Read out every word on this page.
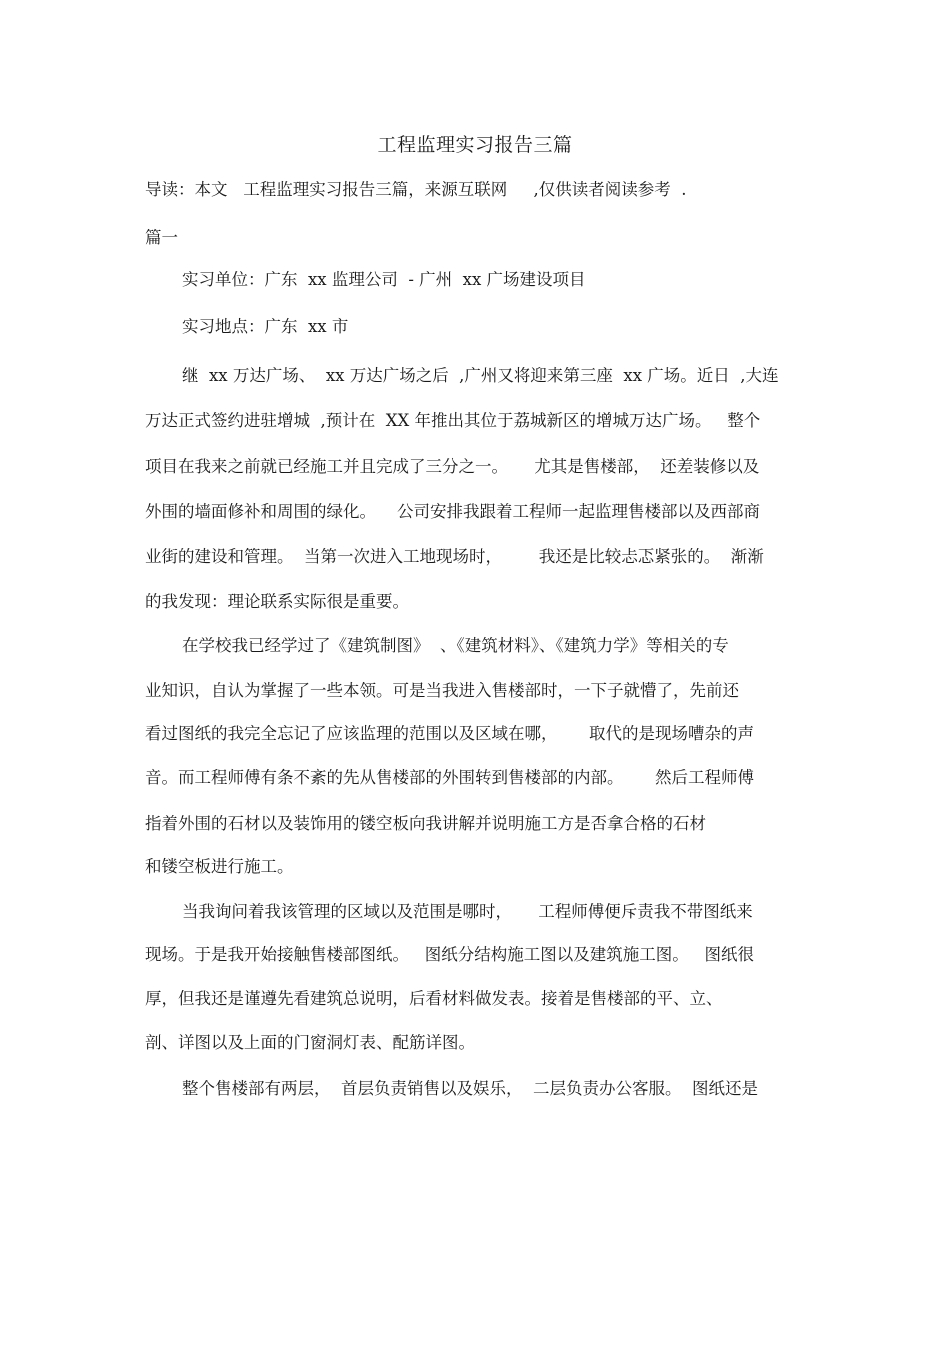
工程监理实习报告三篇
导读：本文   工程监理实习报告三篇，来源互联网     ,仅供读者阅读参考  .
篇一
实习单位：广东  xx 监理公司  - 广州  xx 广场建设项目
实习地点：广东  xx 市
继  xx 万达广场、  xx 万达广场之后  ,广州又将迎来第三座  xx 广场。近日  ,大连
万达正式签约进驻增城  ,预计在  XX 年推出其位于荔城新区的增城万达广场。   整个
项目在我来之前就已经施工并且完成了三分之一。     尤其是售楼部，  还差装修以及
外围的墙面修补和周围的绿化。    公司安排我跟着工程师一起监理售楼部以及西部商
业街的建设和管理。  当第一次进入工地现场时，       我还是比较忐忑紧张的。  渐渐
的我发现：理论联系实际很是重要。
在学校我已经学过了《建筑制图》  、《建筑材料》、《建筑力学》等相关的专
业知识，自认为掌握了一些本领。可是当我进入售楼部时，一下子就懵了，先前还
看过图纸的我完全忘记了应该监理的范围以及区域在哪，      取代的是现场嘈杂的声
音。而工程师傅有条不紊的先从售楼部的外围转到售楼部的内部。      然后工程师傅
指着外围的石材以及装饰用的镂空板向我讲解并说明施工方是否拿合格的石材
和镂空板进行施工。
当我询问着我该管理的区域以及范围是哪时，     工程师傅便斥责我不带图纸来
现场。于是我开始接触售楼部图纸。   图纸分结构施工图以及建筑施工图。   图纸很
厚，但我还是谨遵先看建筑总说明，后看材料做发表。接着是售楼部的平、立、
剖、详图以及上面的门窗洞灯表、配筋详图。
整个售楼部有两层，  首层负责销售以及娱乐，  二层负责办公客服。  图纸还是
